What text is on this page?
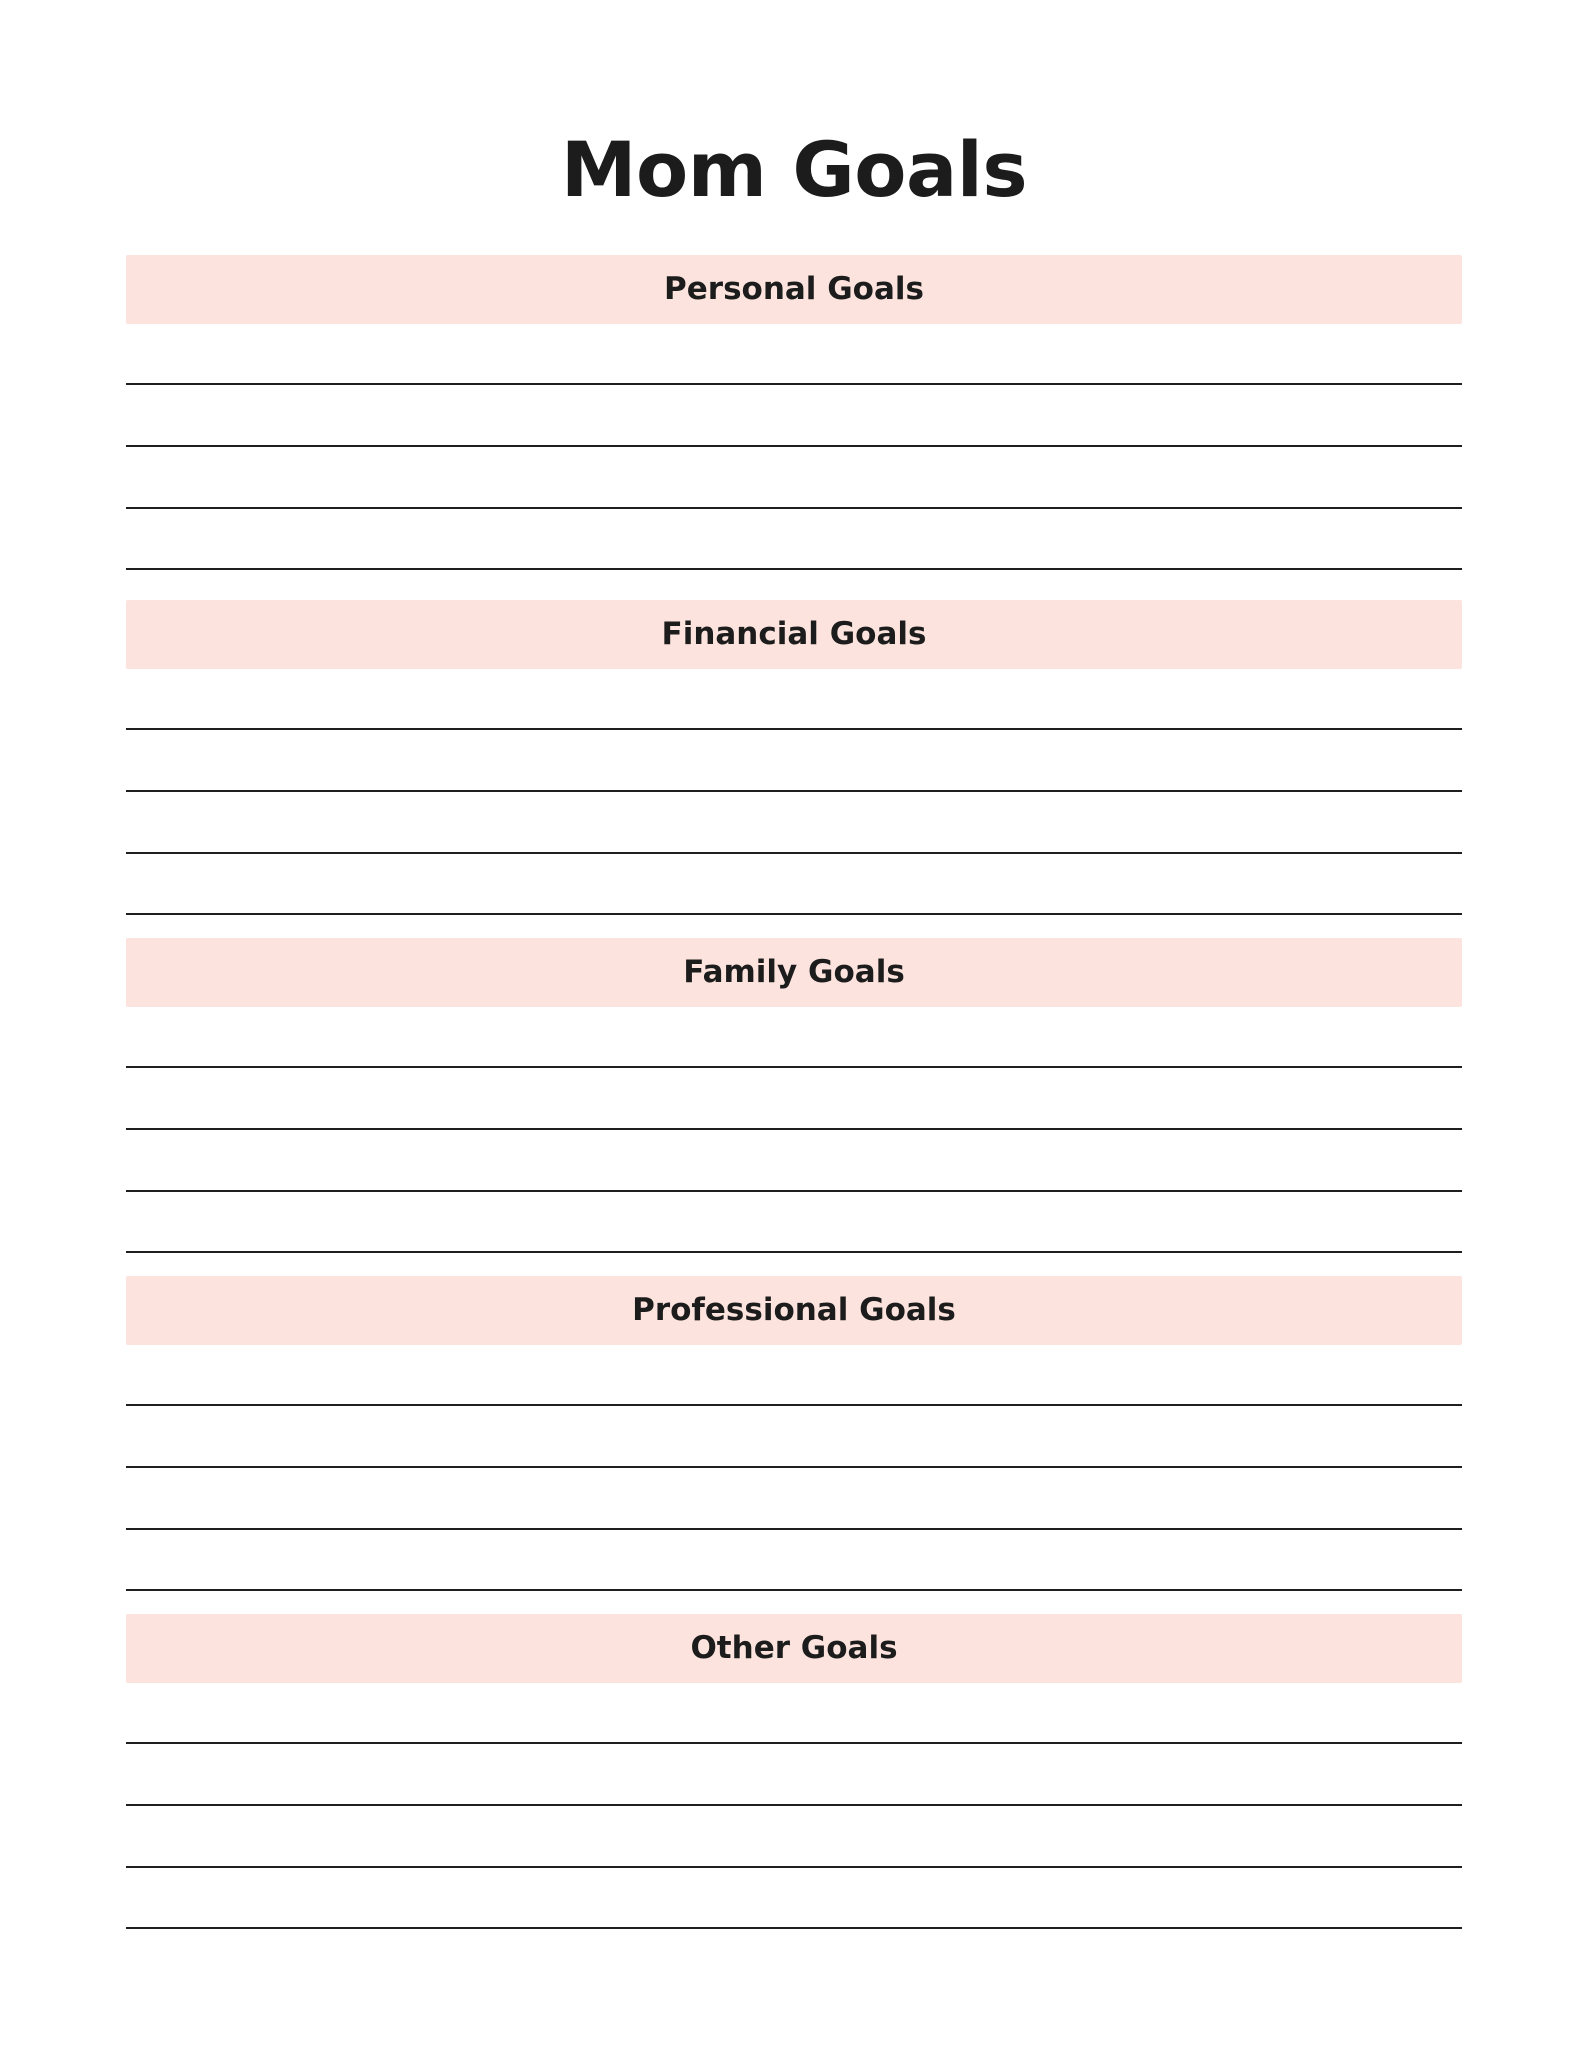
Mom Goals
Personal Goals
Financial Goals
Family Goals
Professional Goals
Other Goals
